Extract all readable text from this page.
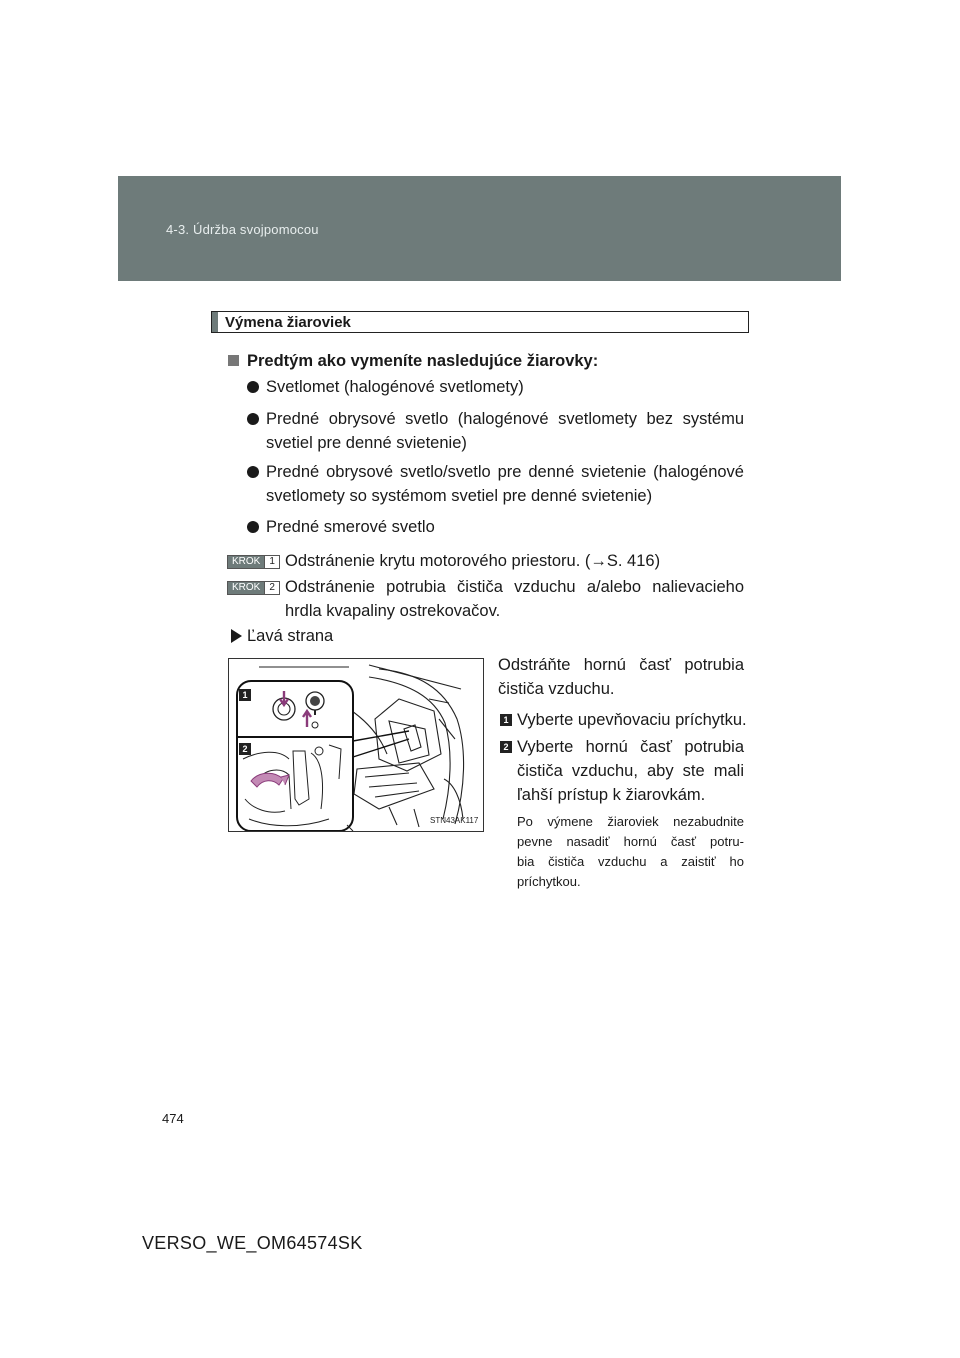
4-3. Údržba svojpomocou
Výmena žiaroviek
Predtým ako vymeníte nasledujúce žiarovky:
Svetlomet (halogénové svetlomety)
Predné obrysové svetlo (halogénové svetlomety bez systému
svetiel pre denné svietenie)
Predné obrysové svetlo/svetlo pre denné svietenie (halogénové
svetlomety so systémom svetiel pre denné svietenie)
Predné smerové svetlo
KROK 1 Odstránenie krytu motorového priestoru. (→S. 416)
KROK 2 Odstránenie potrubia čističa vzduchu a/alebo nalievacieho
hrdla kvapaliny ostrekovačov.
Ľavá strana
1
2
STN43AK117
Odstráňte hornú časť potrubia
čističa vzduchu.
1 Vyberte upevňovaciu príchytku.
2 Vyberte hornú časť potrubia
čističa vzduchu, aby ste mali
ľahší prístup k žiarovkám.
Po výmene žiaroviek nezabudnite
pevne nasadiť hornú časť potru-
bia čističa vzduchu a zaistiť ho
príchytkou.
474
VERSO_WE_OM64574SK
